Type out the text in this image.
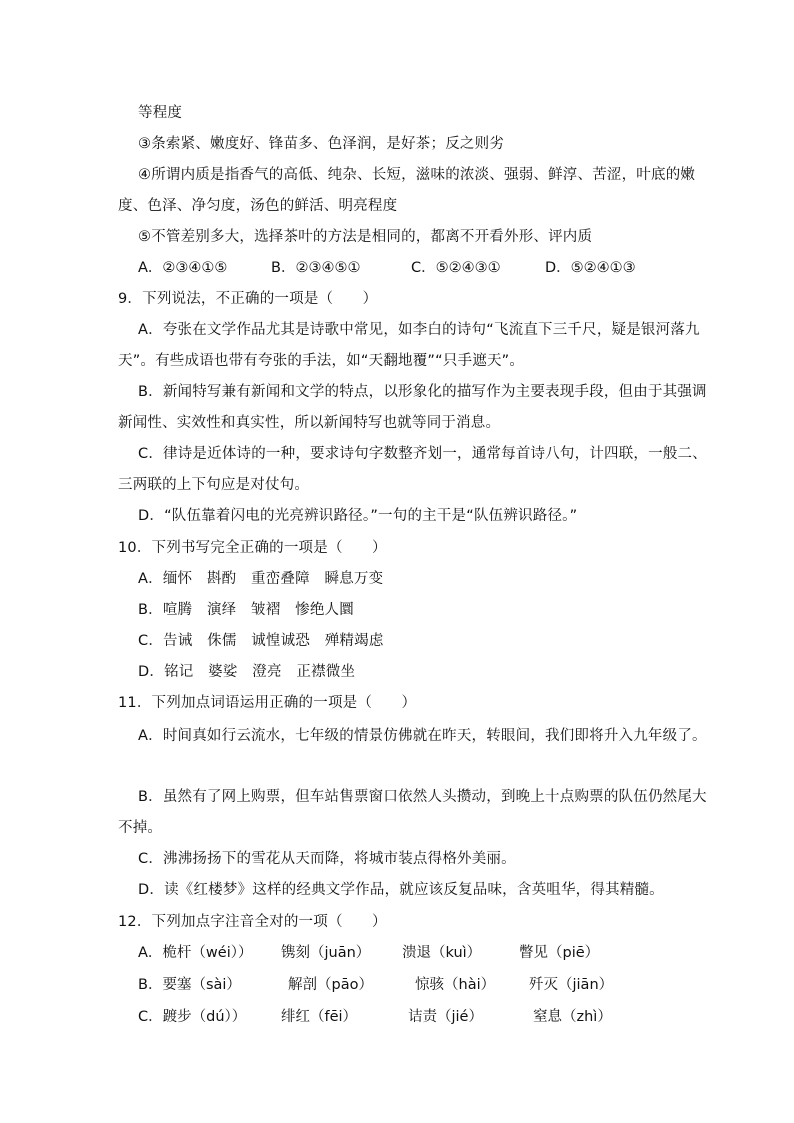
等程度
③条索紧、嫩度好、锋苗多、色泽润，是好茶；反之则劣
④所谓内质是指香气的高低、纯杂、长短，滋味的浓淡、强弱、鲜淳、苦涩，叶底的嫩
度、色泽、净匀度，汤色的鲜活、明亮程度
⑤不管差别多大，选择茶叶的方法是相同的，都离不开看外形、评内质
A．②③④①⑤	B．②③④⑤①	C．⑤②④③①	D．⑤②④①③
9．下列说法，不正确的一项是（　　）
A．夸张在文学作品尤其是诗歌中常见，如李白的诗句“飞流直下三千尺，疑是银河落九
天”。有些成语也带有夸张的手法，如“天翻地覆”“只手遮天”。
B．新闻特写兼有新闻和文学的特点，以形象化的描写作为主要表现手段，但由于其强调
新闻性、实效性和真实性，所以新闻特写也就等同于消息。
C．律诗是近体诗的一种，要求诗句字数整齐划一，通常每首诗八句，计四联，一般二、
三两联的上下句应是对仗句。
D．“队伍靠着闪电的光亮辨识路径。”一句的主干是“队伍辨识路径。”
10．下列书写完全正确的一项是（　　）
A．缅怀　斟酌　重峦叠障　瞬息万变
B．喧腾　演绎　皱褶　惨绝人圜
C．告诫　侏儒　诚惶诚恐　殚精竭虑
D．铭记　婆娑　澄亮　正襟微坐
11．下列加点词语运用正确的一项是（　　）
A．时间真如行云流水，七年级的情景仿佛就在昨天，转眼间，我们即将升入九年级了。
B．虽然有了网上购票，但车站售票窗口依然人头攒动，到晚上十点购票的队伍仍然尾大
不掉。
C．沸沸扬扬下的雪花从天而降，将城市装点得格外美丽。
D．读《红楼梦》这样的经典文学作品，就应该反复品味，含英咀华，得其精髓。
12．下列加点字注音全对的一项（　　）
A．桅杆（wéi）） 镌刻（juān） 溃退（kuì）	瞥见（piē）
B．要塞（sài）	解剖（pāo）	惊骇（hài） 歼灭（jiān）
C．踱步（dú）） 绯红（fēi）	诘责（jié）	窒息（zhì）
